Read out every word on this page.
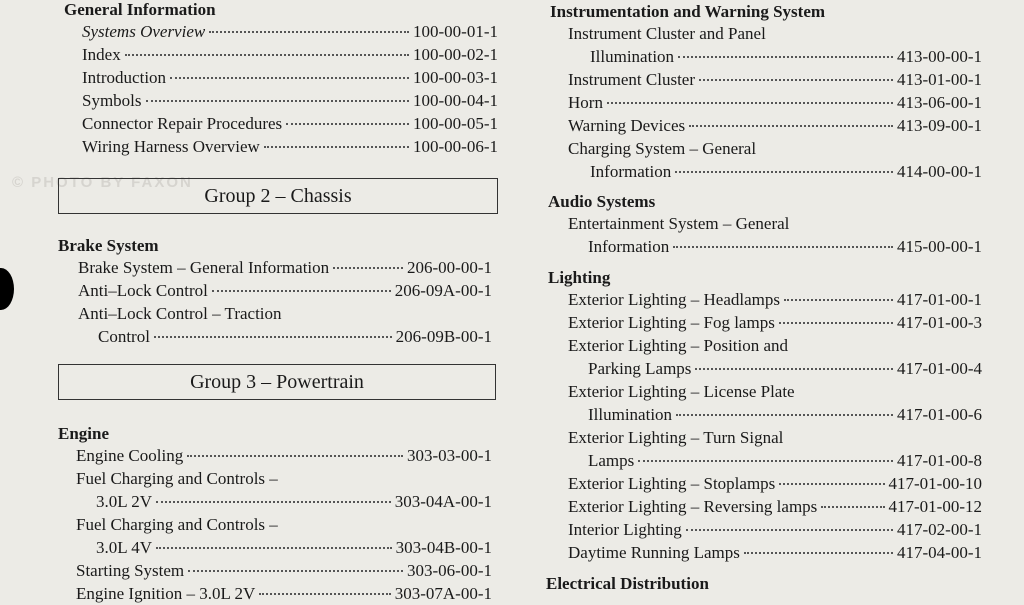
© PHOTO BY FAXON
General Information
Systems Overview	100-00-01-1
Index	100-00-02-1
Introduction	100-00-03-1
Symbols	100-00-04-1
Connector Repair Procedures	100-00-05-1
Wiring Harness Overview	100-00-06-1
Group 2 – Chassis
Brake System
Brake System – General Information	206-00-00-1
Anti–Lock Control	206-09A-00-1
Anti–Lock Control – Traction
Control	206-09B-00-1
Group 3 – Powertrain
Engine
Engine Cooling	303-03-00-1
Fuel Charging and Controls –
3.0L 2V	303-04A-00-1
Fuel Charging and Controls –
3.0L 4V	303-04B-00-1
Starting System	303-06-00-1
Engine Ignition – 3.0L 2V	303-07A-00-1
Instrumentation and Warning System
Instrument Cluster and Panel
Illumination	413-00-00-1
Instrument Cluster	413-01-00-1
Horn	413-06-00-1
Warning Devices	413-09-00-1
Charging System – General
Information	414-00-00-1
Audio Systems
Entertainment System – General
Information	415-00-00-1
Lighting
Exterior Lighting – Headlamps	417-01-00-1
Exterior Lighting – Fog lamps	417-01-00-3
Exterior Lighting – Position and
Parking Lamps	417-01-00-4
Exterior Lighting – License Plate
Illumination	417-01-00-6
Exterior Lighting – Turn Signal
Lamps	417-01-00-8
Exterior Lighting – Stoplamps	417-01-00-10
Exterior Lighting – Reversing lamps	417-01-00-12
Interior Lighting	417-02-00-1
Daytime Running Lamps	417-04-00-1
Electrical Distribution
